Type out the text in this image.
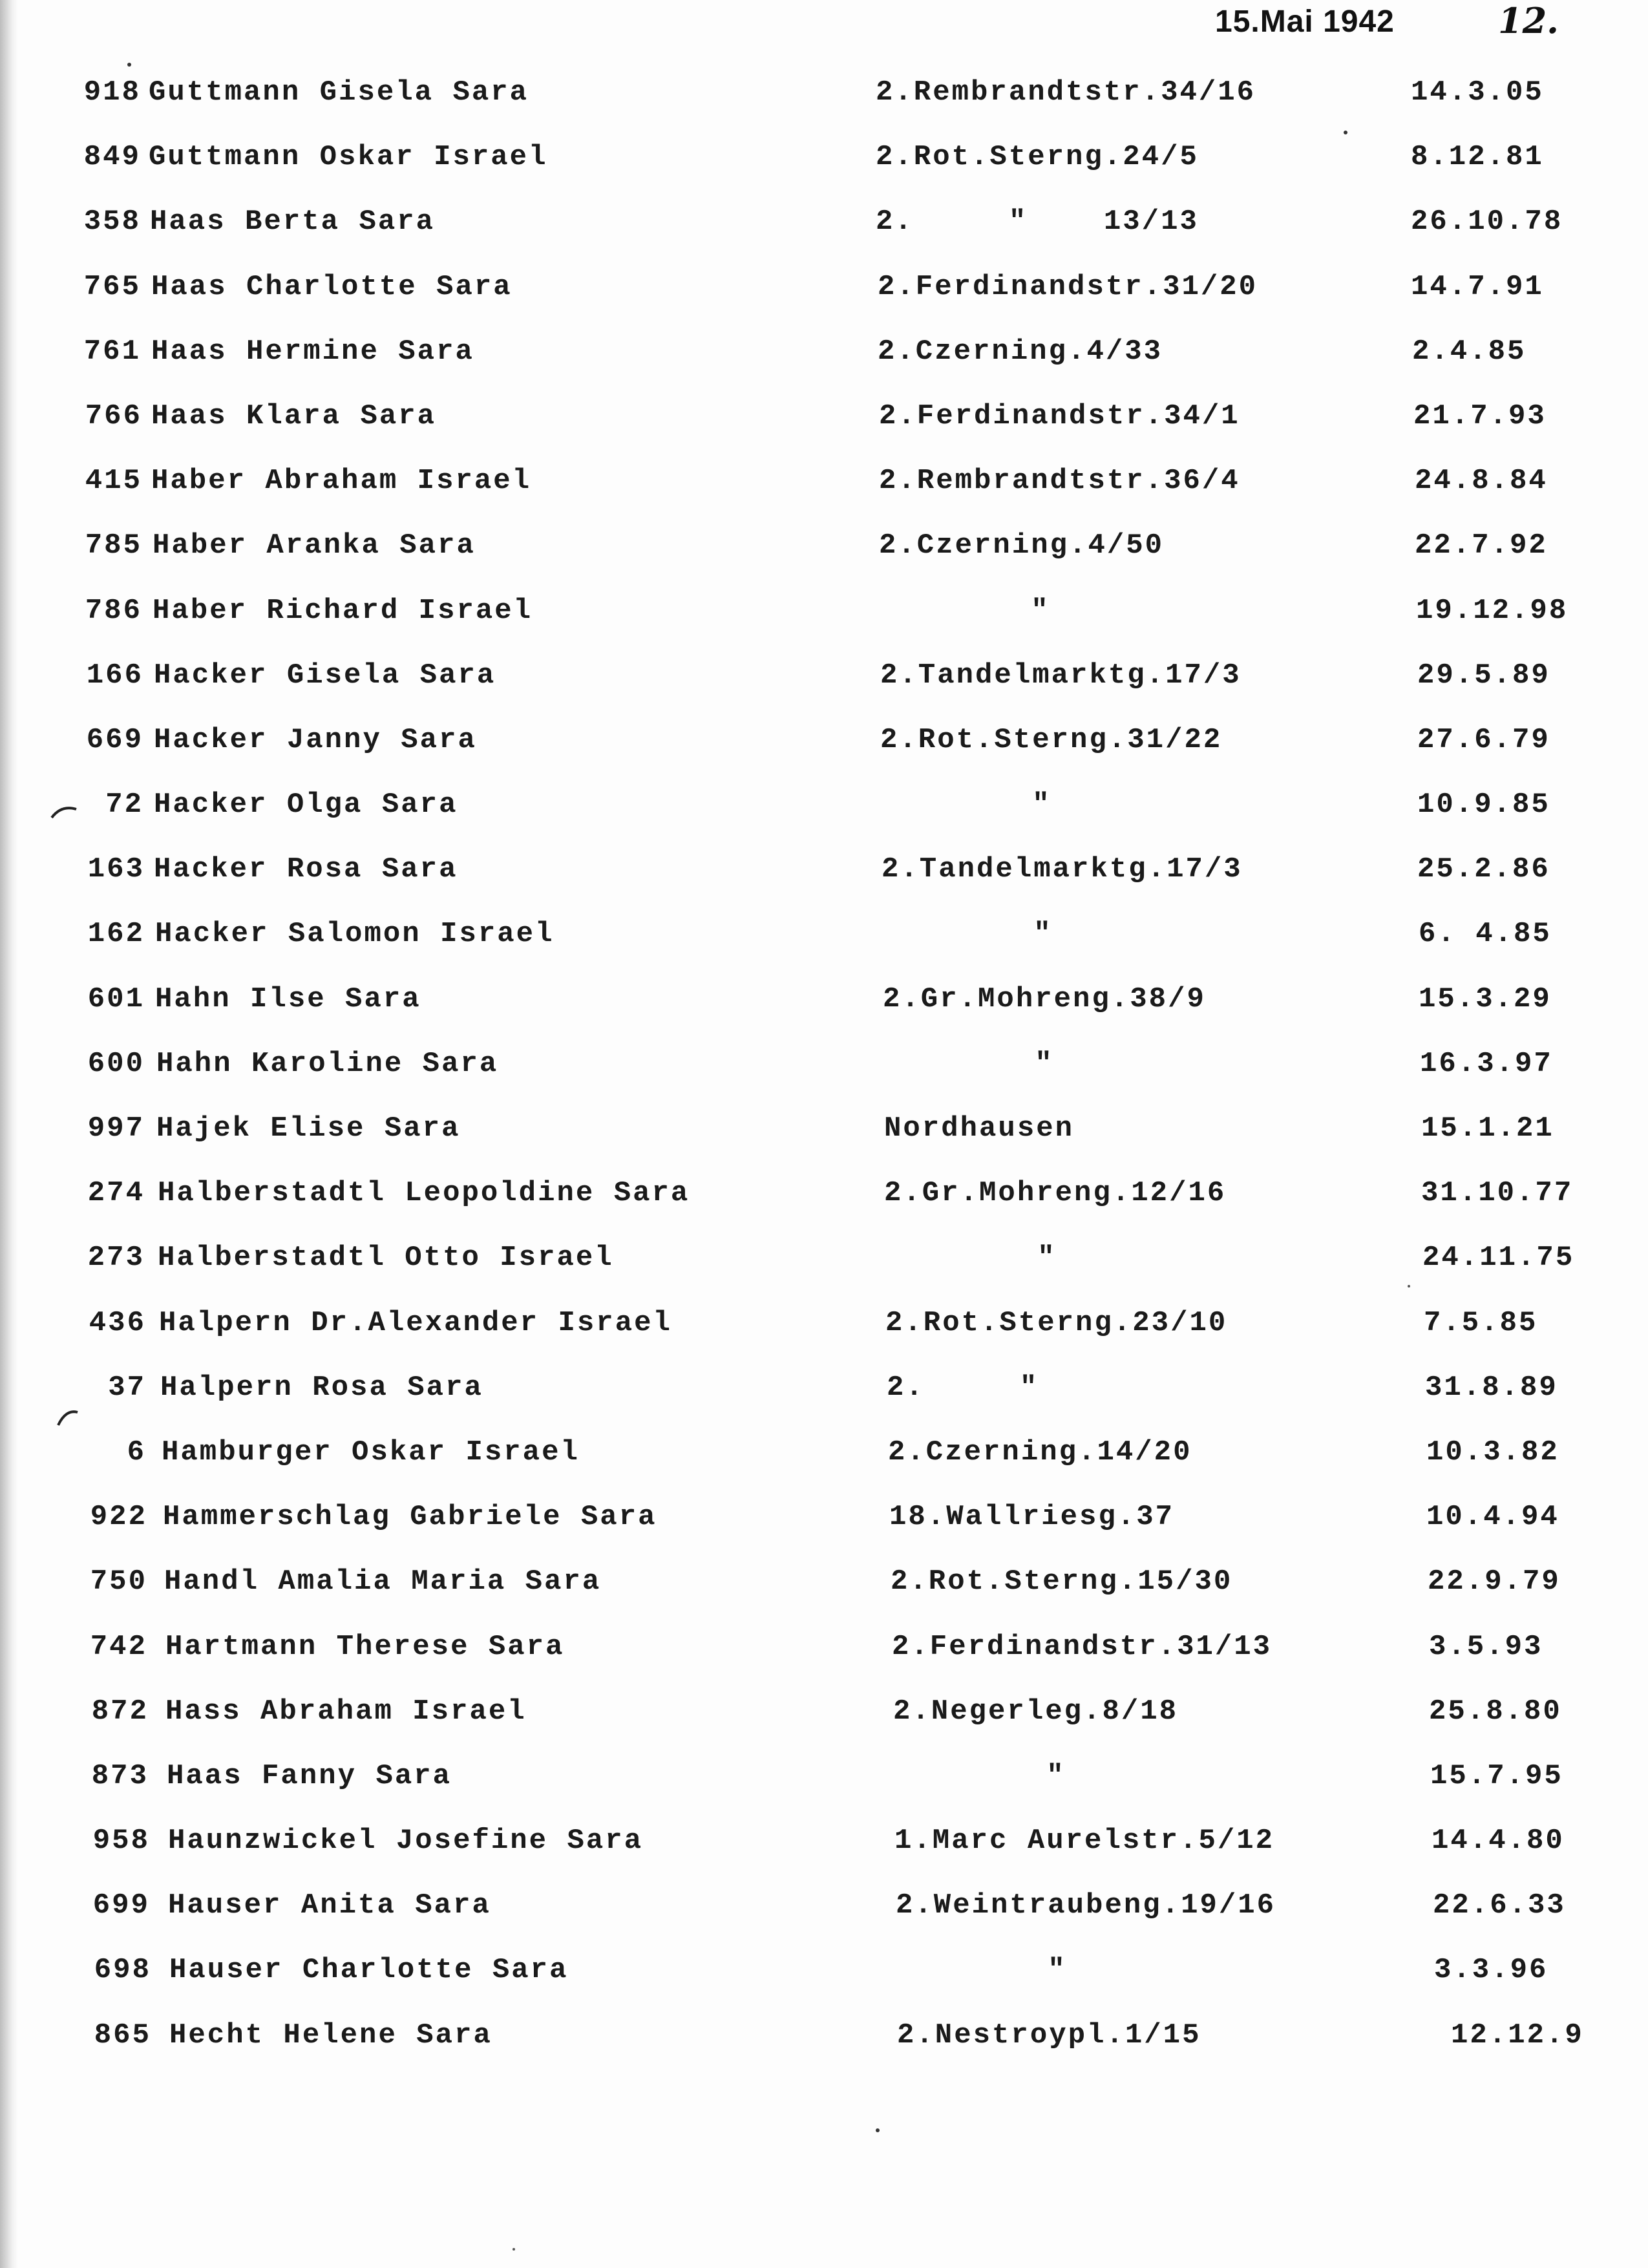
15.Mai 1942	12.
918 Guttmann Gisela Sara	2.Rembrandtstr.34/16	14.3.05
849 Guttmann Oskar Israel	2.Rot.Sterng.24/5	8.12.81
358 Haas Berta Sara	2.     "    13/13	26.10.78
765 Haas Charlotte Sara	2.Ferdinandstr.31/20	14.7.91
761 Haas Hermine Sara	2.Czerning.4/33	2.4.85
766 Haas Klara Sara	2.Ferdinandstr.34/1	21.7.93
415 Haber Abraham Israel	2.Rembrandtstr.36/4	24.8.84
785 Haber Aranka Sara	2.Czerning.4/50	22.7.92
786 Haber Richard Israel	"	19.12.98
166 Hacker Gisela Sara	2.Tandelmarktg.17/3	29.5.89
669 Hacker Janny Sara	2.Rot.Sterng.31/22	27.6.79
72 Hacker Olga Sara	"	10.9.85
163 Hacker Rosa Sara	2.Tandelmarktg.17/3	25.2.86
162 Hacker Salomon Israel	"	6. 4.85
601 Hahn Ilse Sara	2.Gr.Mohreng.38/9	15.3.29
600 Hahn Karoline Sara	"	16.3.97
997 Hajek Elise Sara	Nordhausen	15.1.21
274 Halberstadtl Leopoldine Sara	2.Gr.Mohreng.12/16	31.10.77
273 Halberstadtl Otto Israel	"	24.11.75
436 Halpern Dr.Alexander Israel	2.Rot.Sterng.23/10	7.5.85
37 Halpern Rosa Sara	2.     "	31.8.89
6 Hamburger Oskar Israel	2.Czerning.14/20	10.3.82
922 Hammerschlag Gabriele Sara	18.Wallriesg.37	10.4.94
750 Handl Amalia Maria Sara	2.Rot.Sterng.15/30	22.9.79
742 Hartmann Therese Sara	2.Ferdinandstr.31/13	3.5.93
872 Hass Abraham Israel	2.Negerleg.8/18	25.8.80
873 Haas Fanny Sara	"	15.7.95
958 Haunzwickel Josefine Sara	1.Marc Aurelstr.5/12	14.4.80
699 Hauser Anita Sara	2.Weintraubeng.19/16	22.6.33
698 Hauser Charlotte Sara	"	3.3.96
865 Hecht Helene Sara	2.Nestroypl.1/15	12.12.9
